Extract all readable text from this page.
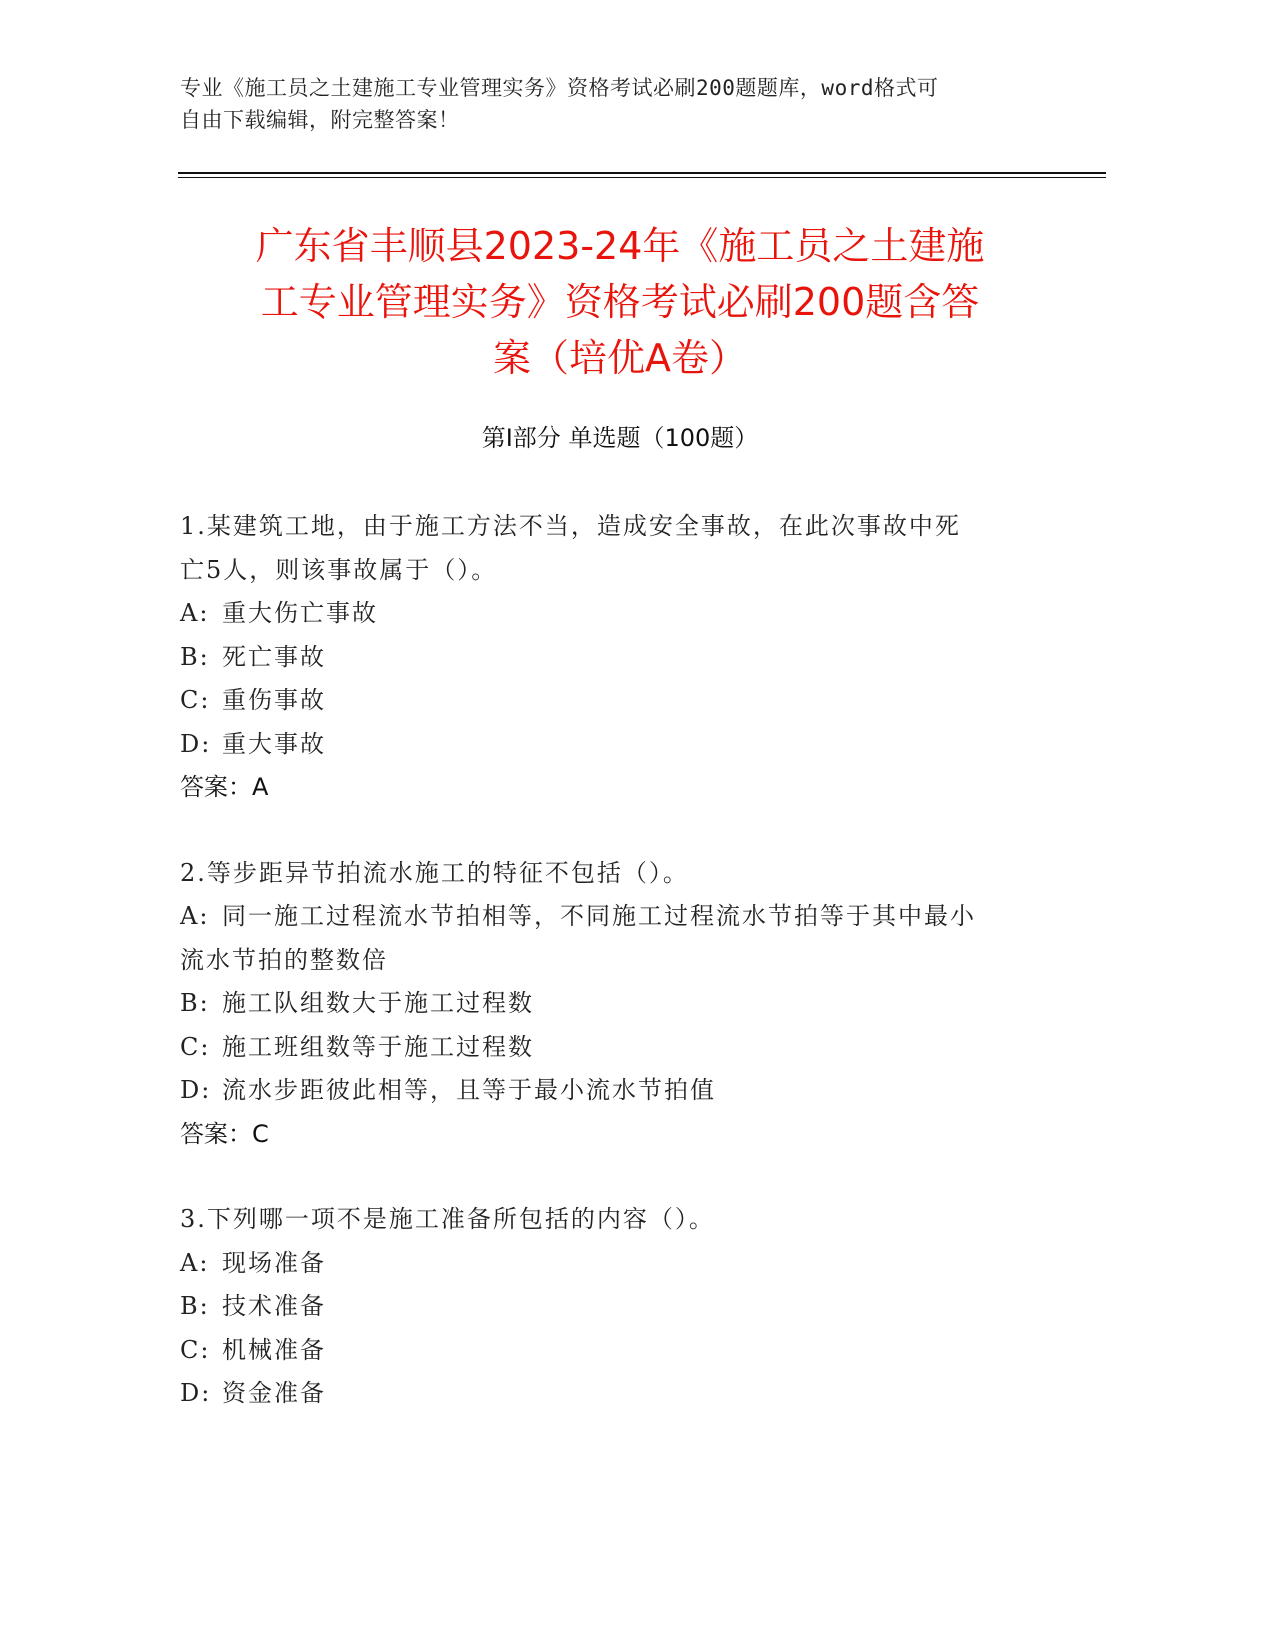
专业《施工员之土建施工专业管理实务》资格考试必刷200题题库，word格式可
自由下载编辑，附完整答案！
广东省丰顺县2023-24年《施工员之土建施
工专业管理实务》资格考试必刷200题含答
案（培优A卷）
第Ⅰ部分 单选题（100题）
1.某建筑工地，由于施工方法不当，造成安全事故，在此次事故中死
亡5人，则该事故属于（）。
A: 重大伤亡事故
B: 死亡事故
C: 重伤事故
D: 重大事故
答案：A
2.等步距异节拍流水施工的特征不包括（）。
A: 同一施工过程流水节拍相等，不同施工过程流水节拍等于其中最小
流水节拍的整数倍
B: 施工队组数大于施工过程数
C: 施工班组数等于施工过程数
D: 流水步距彼此相等，且等于最小流水节拍值
答案：C
3.下列哪一项不是施工准备所包括的内容（）。
A: 现场准备
B: 技术准备
C: 机械准备
D: 资金准备
